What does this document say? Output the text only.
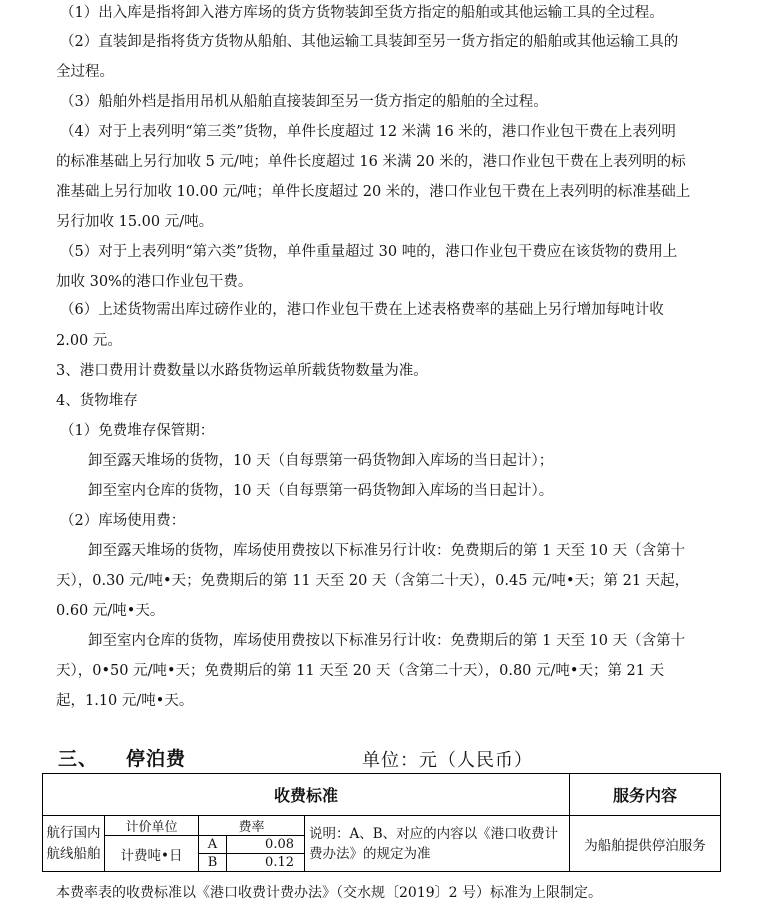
（1）出入库是指将卸入港方库场的货方货物装卸至货方指定的船舶或其他运输工具的全过程。
（2）直装卸是指将货方货物从船舶、其他运输工具装卸至另一货方指定的船舶或其他运输工具的
全过程。
（3）船舶外档是指用吊机从船舶直接装卸至另一货方指定的船舶的全过程。
（4）对于上表列明“第三类”货物，单件长度超过 12 米满 16 米的，港口作业包干费在上表列明
的标准基础上另行加收 5 元/吨；单件长度超过 16 米满 20 米的，港口作业包干费在上表列明的标
准基础上另行加收 10.00 元/吨；单件长度超过 20 米的，港口作业包干费在上表列明的标准基础上
另行加收 15.00 元/吨。
（5）对于上表列明“第六类”货物，单件重量超过 30 吨的，港口作业包干费应在该货物的费用上
加收 30%的港口作业包干费。
（6）上述货物需出库过磅作业的，港口作业包干费在上述表格费率的基础上另行增加每吨计收
2.00 元。
3、港口费用计费数量以水路货物运单所载货物数量为准。
4、货物堆存
（1）免费堆存保管期：
卸至露天堆场的货物，10 天（自每票第一码货物卸入库场的当日起计）；
卸至室内仓库的货物，10 天（自每票第一码货物卸入库场的当日起计）。
（2）库场使用费：
卸至露天堆场的货物，库场使用费按以下标准另行计收：免费期后的第 1 天至 10 天（含第十
天），0.30 元/吨•天；免费期后的第 11 天至 20 天（含第二十天），0.45 元/吨•天；第 21 天起，
0.60 元/吨•天。
卸至室内仓库的货物，库场使用费按以下标准另行计收：免费期后的第 1 天至 10 天（含第十
天），0•50 元/吨•天；免费期后的第 11 天至 20 天（含第二十天），0.80 元/吨•天；第 21 天
起，1.10 元/吨•天。
三、 停泊费	单位：元（人民币）
收费标准					服务内容
航行国内航线船舶	计价单位	费率		说明：A、B、对应的内容以《港口收费计费办法》的规定为准	为船舶提供停泊服务
	计费吨•日	A	0.08		
		B	0.12		
本费率表的收费标准以《港口收费计费办法》（交水规〔2019〕2 号）标准为上限制定。
